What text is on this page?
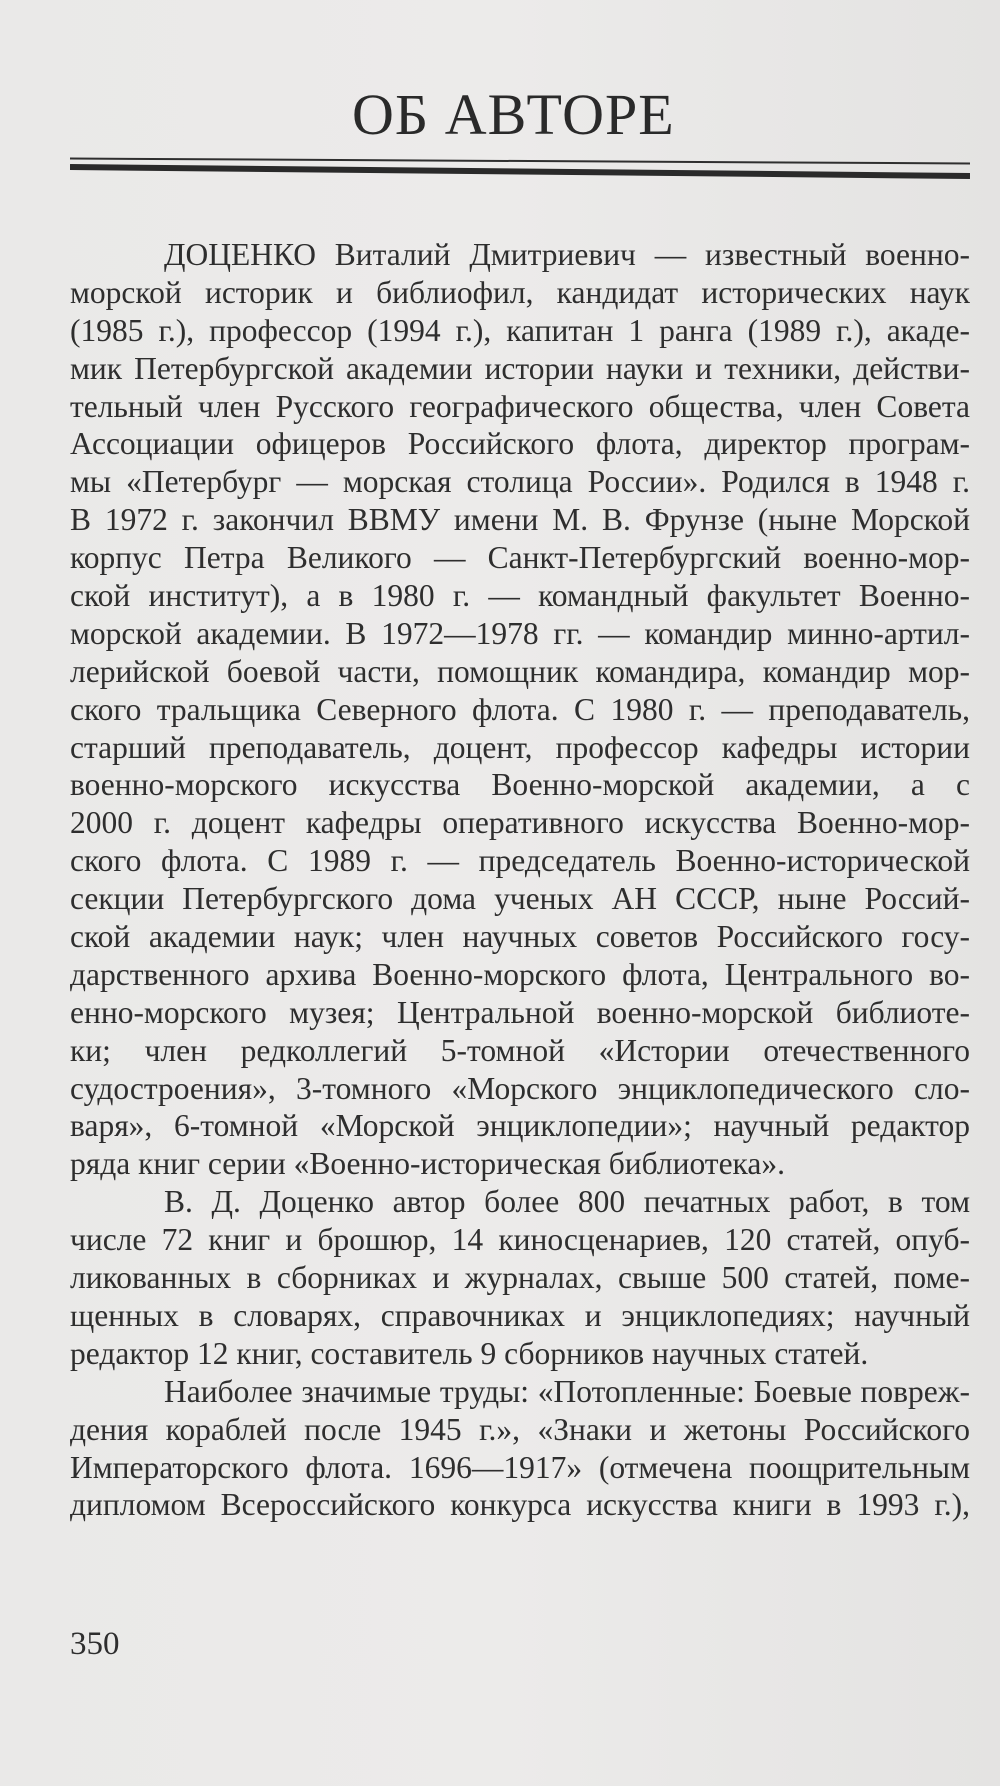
ОБ АВТОРЕ
ДОЦЕНКО Виталий Дмитриевич — известный военно-
морской историк и библиофил, кандидат исторических наук
(1985 г.), профессор (1994 г.), капитан 1 ранга (1989 г.), акаде-
мик Петербургской академии истории науки и техники, действи-
тельный член Русского географического общества, член Совета
Ассоциации офицеров Российского флота, директор програм-
мы «Петербург — морская столица России». Родился в 1948 г.
В 1972 г. закончил ВВМУ имени М. В. Фрунзе (ныне Морской
корпус Петра Великого — Санкт-Петербургский военно-мор-
ской институт), а в 1980 г. — командный факультет Военно-
морской академии. В 1972—1978 гг. — командир минно-артил-
лерийской боевой части, помощник командира, командир мор-
ского тральщика Северного флота. С 1980 г. — преподаватель,
старший преподаватель, доцент, профессор кафедры истории
военно-морского искусства Военно-морской академии, а с
2000 г. доцент кафедры оперативного искусства Военно-мор-
ского флота. С 1989 г. — председатель Военно-исторической
секции Петербургского дома ученых АН СССР, ныне Россий-
ской академии наук; член научных советов Российского госу-
дарственного архива Военно-морского флота, Центрального во-
енно-морского музея; Центральной военно-морской библиоте-
ки; член редколлегий 5-томной «Истории отечественного
судостроения», 3-томного «Морского энциклопедического сло-
варя», 6-томной «Морской энциклопедии»; научный редактор
ряда книг серии «Военно-историческая библиотека».
В. Д. Доценко автор более 800 печатных работ, в том
числе 72 книг и брошюр, 14 киносценариев, 120 статей, опуб-
ликованных в сборниках и журналах, свыше 500 статей, поме-
щенных в словарях, справочниках и энциклопедиях; научный
редактор 12 книг, составитель 9 сборников научных статей.
Наиболее значимые труды: «Потопленные: Боевые повреж-
дения кораблей после 1945 г.», «Знаки и жетоны Российского
Императорского флота. 1696—1917» (отмечена поощрительным
дипломом Всероссийского конкурса искусства книги в 1993 г.),
350
